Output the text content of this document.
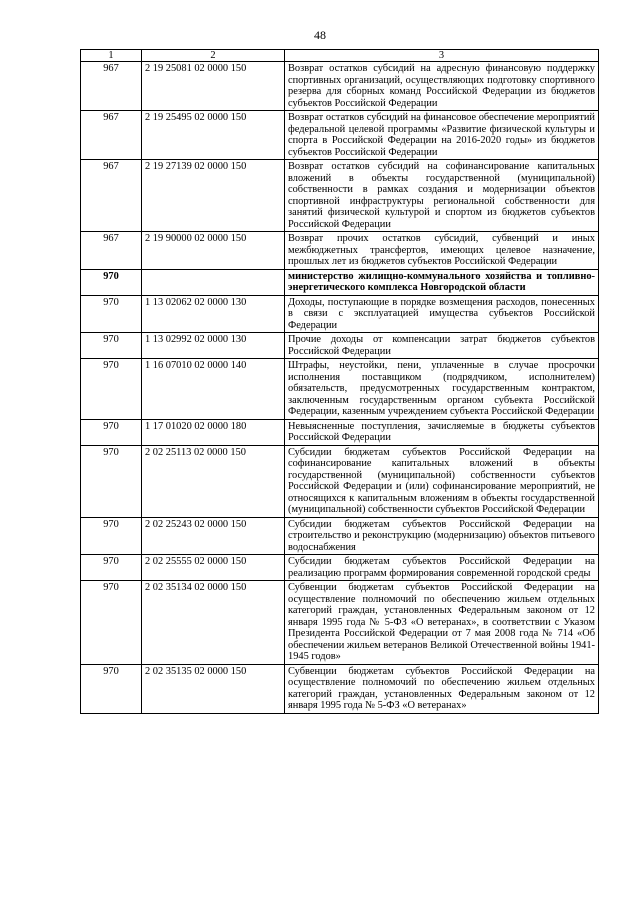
48
1	2	3
967	2 19 25081 02 0000 150	Возврат остатков субсидий на адресную финансовую поддержку спортивных организаций, осуществляющих подготовку спортивного резерва для сборных команд Российской Федерации из бюджетов субъектов Российской Федерации
967	2 19 25495 02 0000 150	Возврат остатков субсидий на финансовое обеспечение мероприятий федеральной целевой программы «Развитие физической культуры и спорта в Российской Федерации на 2016-2020 годы» из бюджетов субъектов Российской Федерации
967	2 19 27139 02 0000 150	Возврат остатков субсидий на софинансирование капитальных вложений в объекты государственной (муниципальной) собственности в рамках создания и модернизации объектов спортивной инфраструктуры региональной собственности для занятий физической культурой и спортом из бюджетов субъектов Российской Федерации
967	2 19 90000 02 0000 150	Возврат прочих остатков субсидий, субвенций и иных межбюджетных трансфертов, имеющих целевое назначение, прошлых лет из бюджетов субъектов Российской Федерации
970		министерство жилищно-коммунального хозяйства и топливно-энергетического комплекса Новгородской области
970	1 13 02062 02 0000 130	Доходы, поступающие в порядке возмещения расходов, понесенных в связи с эксплуатацией имущества субъектов Российской Федерации
970	1 13 02992 02 0000 130	Прочие доходы от компенсации затрат бюджетов субъектов Российской Федерации
970	1 16 07010 02 0000 140	Штрафы, неустойки, пени, уплаченные в случае просрочки исполнения поставщиком (подрядчиком, исполнителем) обязательств, предусмотренных государственным контрактом, заключенным государственным органом субъекта Российской Федерации, казенным учреждением субъекта Российской Федерации
970	1 17 01020 02 0000 180	Невыясненные поступления, зачисляемые в бюджеты субъектов Российской Федерации
970	2 02 25113 02 0000 150	Субсидии бюджетам субъектов Российской Федерации на софинансирование капитальных вложений в объекты государственной (муниципальной) собственности субъектов Российской Федерации и (или) софинансирование мероприятий, не относящихся к капитальным вложениям в объекты государственной (муниципальной) собственности субъектов Российской Федерации
970	2 02 25243 02 0000 150	Субсидии бюджетам субъектов Российской Федерации на строительство и реконструкцию (модернизацию) объектов питьевого водоснабжения
970	2 02 25555 02 0000 150	Субсидии бюджетам субъектов Российской Федерации на реализацию программ формирования современной городской среды
970	2 02 35134 02 0000 150	Субвенции бюджетам субъектов Российской Федерации на осуществление полномочий по обеспечению жильем отдельных категорий граждан, установленных Федеральным законом от 12 января 1995 года № 5-ФЗ «О ветеранах», в соответствии с Указом Президента Российской Федерации от 7 мая 2008 года № 714 «Об обеспечении жильем ветеранов Великой Отечественной войны 1941-1945 годов»
970	2 02 35135 02 0000 150	Субвенции бюджетам субъектов Российской Федерации на осуществление полномочий по обеспечению жильем отдельных категорий граждан, установленных Федеральным законом от 12 января 1995 года № 5-ФЗ «О ветеранах»
